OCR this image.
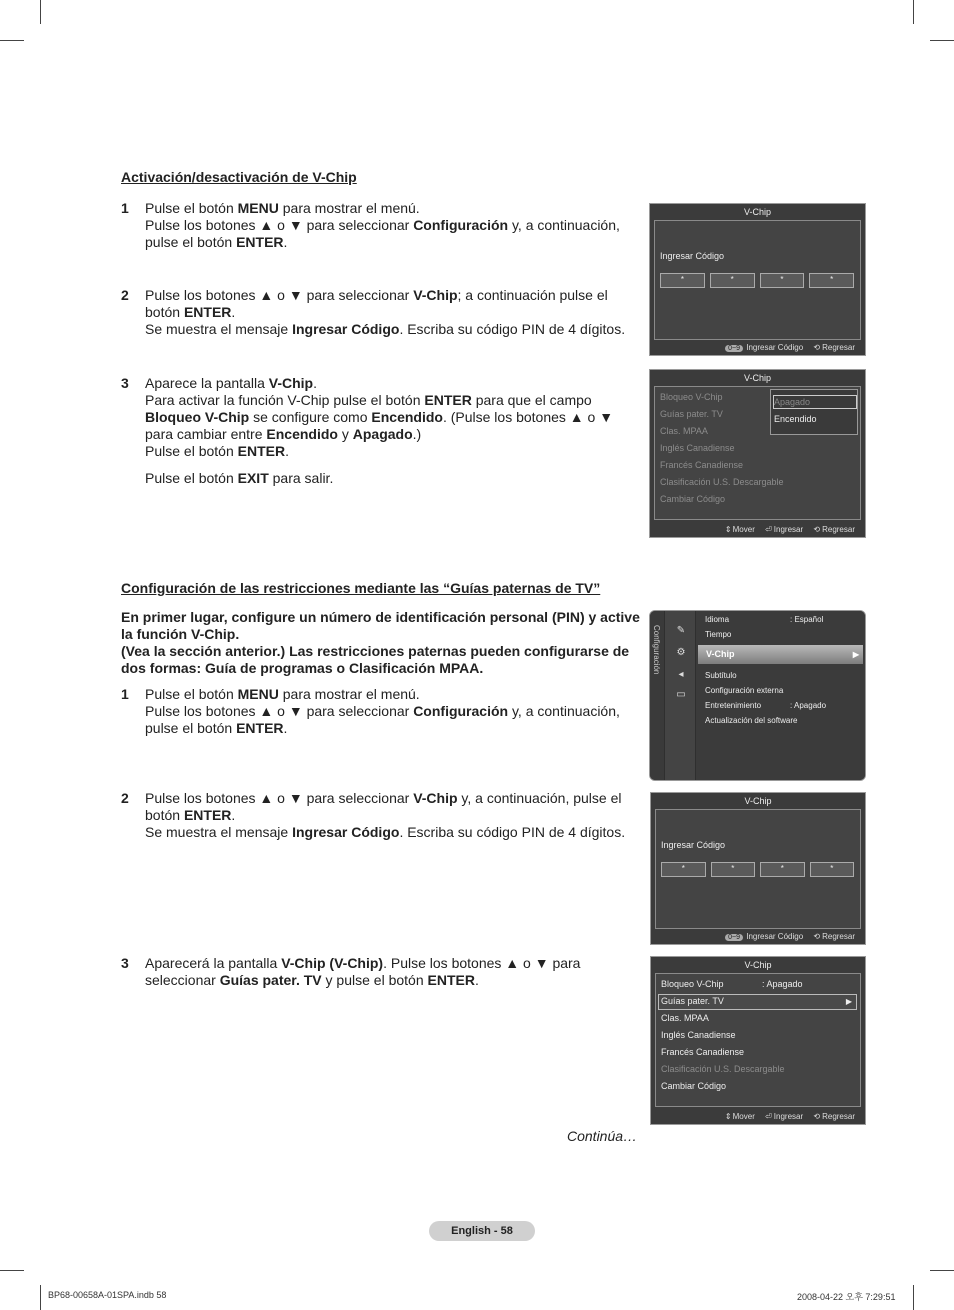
Activación/desactivación de V-Chip
1 Pulse el botón MENU para mostrar el menú.
Pulse los botones ▲ o ▼ para seleccionar Configuración y, a continuación, pulse el botón ENTER.
2 Pulse los botones ▲ o ▼ para seleccionar V-Chip; a continuación pulse el botón ENTER.
Se muestra el mensaje Ingresar Código. Escriba su código PIN de 4 dígitos.
3 Aparece la pantalla V-Chip.
Para activar la función V-Chip pulse el botón ENTER para que el campo Bloqueo V-Chip se configure como Encendido. (Pulse los botones ▲ o ▼ para cambiar entre Encendido y Apagado.)
Pulse el botón ENTER.

Pulse el botón EXIT para salir.
V-Chip
Ingresar Código
*	*	*	*
0~9 Ingresar Código ⟲ Regresar
V-Chip
Bloqueo V-Chip
Guías pater. TV
Clas. MPAA
Inglés Canadiense
Francés Canadiense
Clasificación U.S. Descargable
Cambiar Código
Apagado
Encendido
⇕Mover ⏎ Ingresar ⟲ Regresar
Configuración de las restricciones mediante las “Guías paternas de TV”
En primer lugar, configure un número de identificación personal (PIN) y active la función V-Chip.
(Vea la sección anterior.) Las restricciones paternas pueden configurarse de dos formas: Guía de programas o Clasificación MPAA.
1 Pulse el botón MENU para mostrar el menú.
Pulse los botones ▲ o ▼ para seleccionar Configuración y, a continuación, pulse el botón ENTER.
2 Pulse los botones ▲ o ▼ para seleccionar V-Chip y, a continuación, pulse el botón ENTER.
Se muestra el mensaje Ingresar Código. Escriba su código PIN de 4 dígitos.
3 Aparecerá la pantalla V-Chip (V-Chip). Pulse los botones ▲ o ▼ para seleccionar Guías pater. TV y pulse el botón ENTER.
Continúa…
Configuración ✎
⚙
◂
▭
Idioma	: Español
Tiempo
V-Chip	▶
Subtítulo
Configuración externa
Entretenimiento	: Apagado
Actualización del software
V-Chip
Ingresar Código
*	*	*	*
0~9 Ingresar Código ⟲ Regresar
V-Chip
Bloqueo V-Chip	: Apagado
Guías pater. TV	▶
Clas. MPAA
Inglés Canadiense
Francés Canadiense
Clasificación U.S. Descargable
Cambiar Código
⇕Mover ⏎ Ingresar ⟲ Regresar
English - 58
BP68-00658A-01SPA.indb 58	2008-04-22 오후 7:29:51
